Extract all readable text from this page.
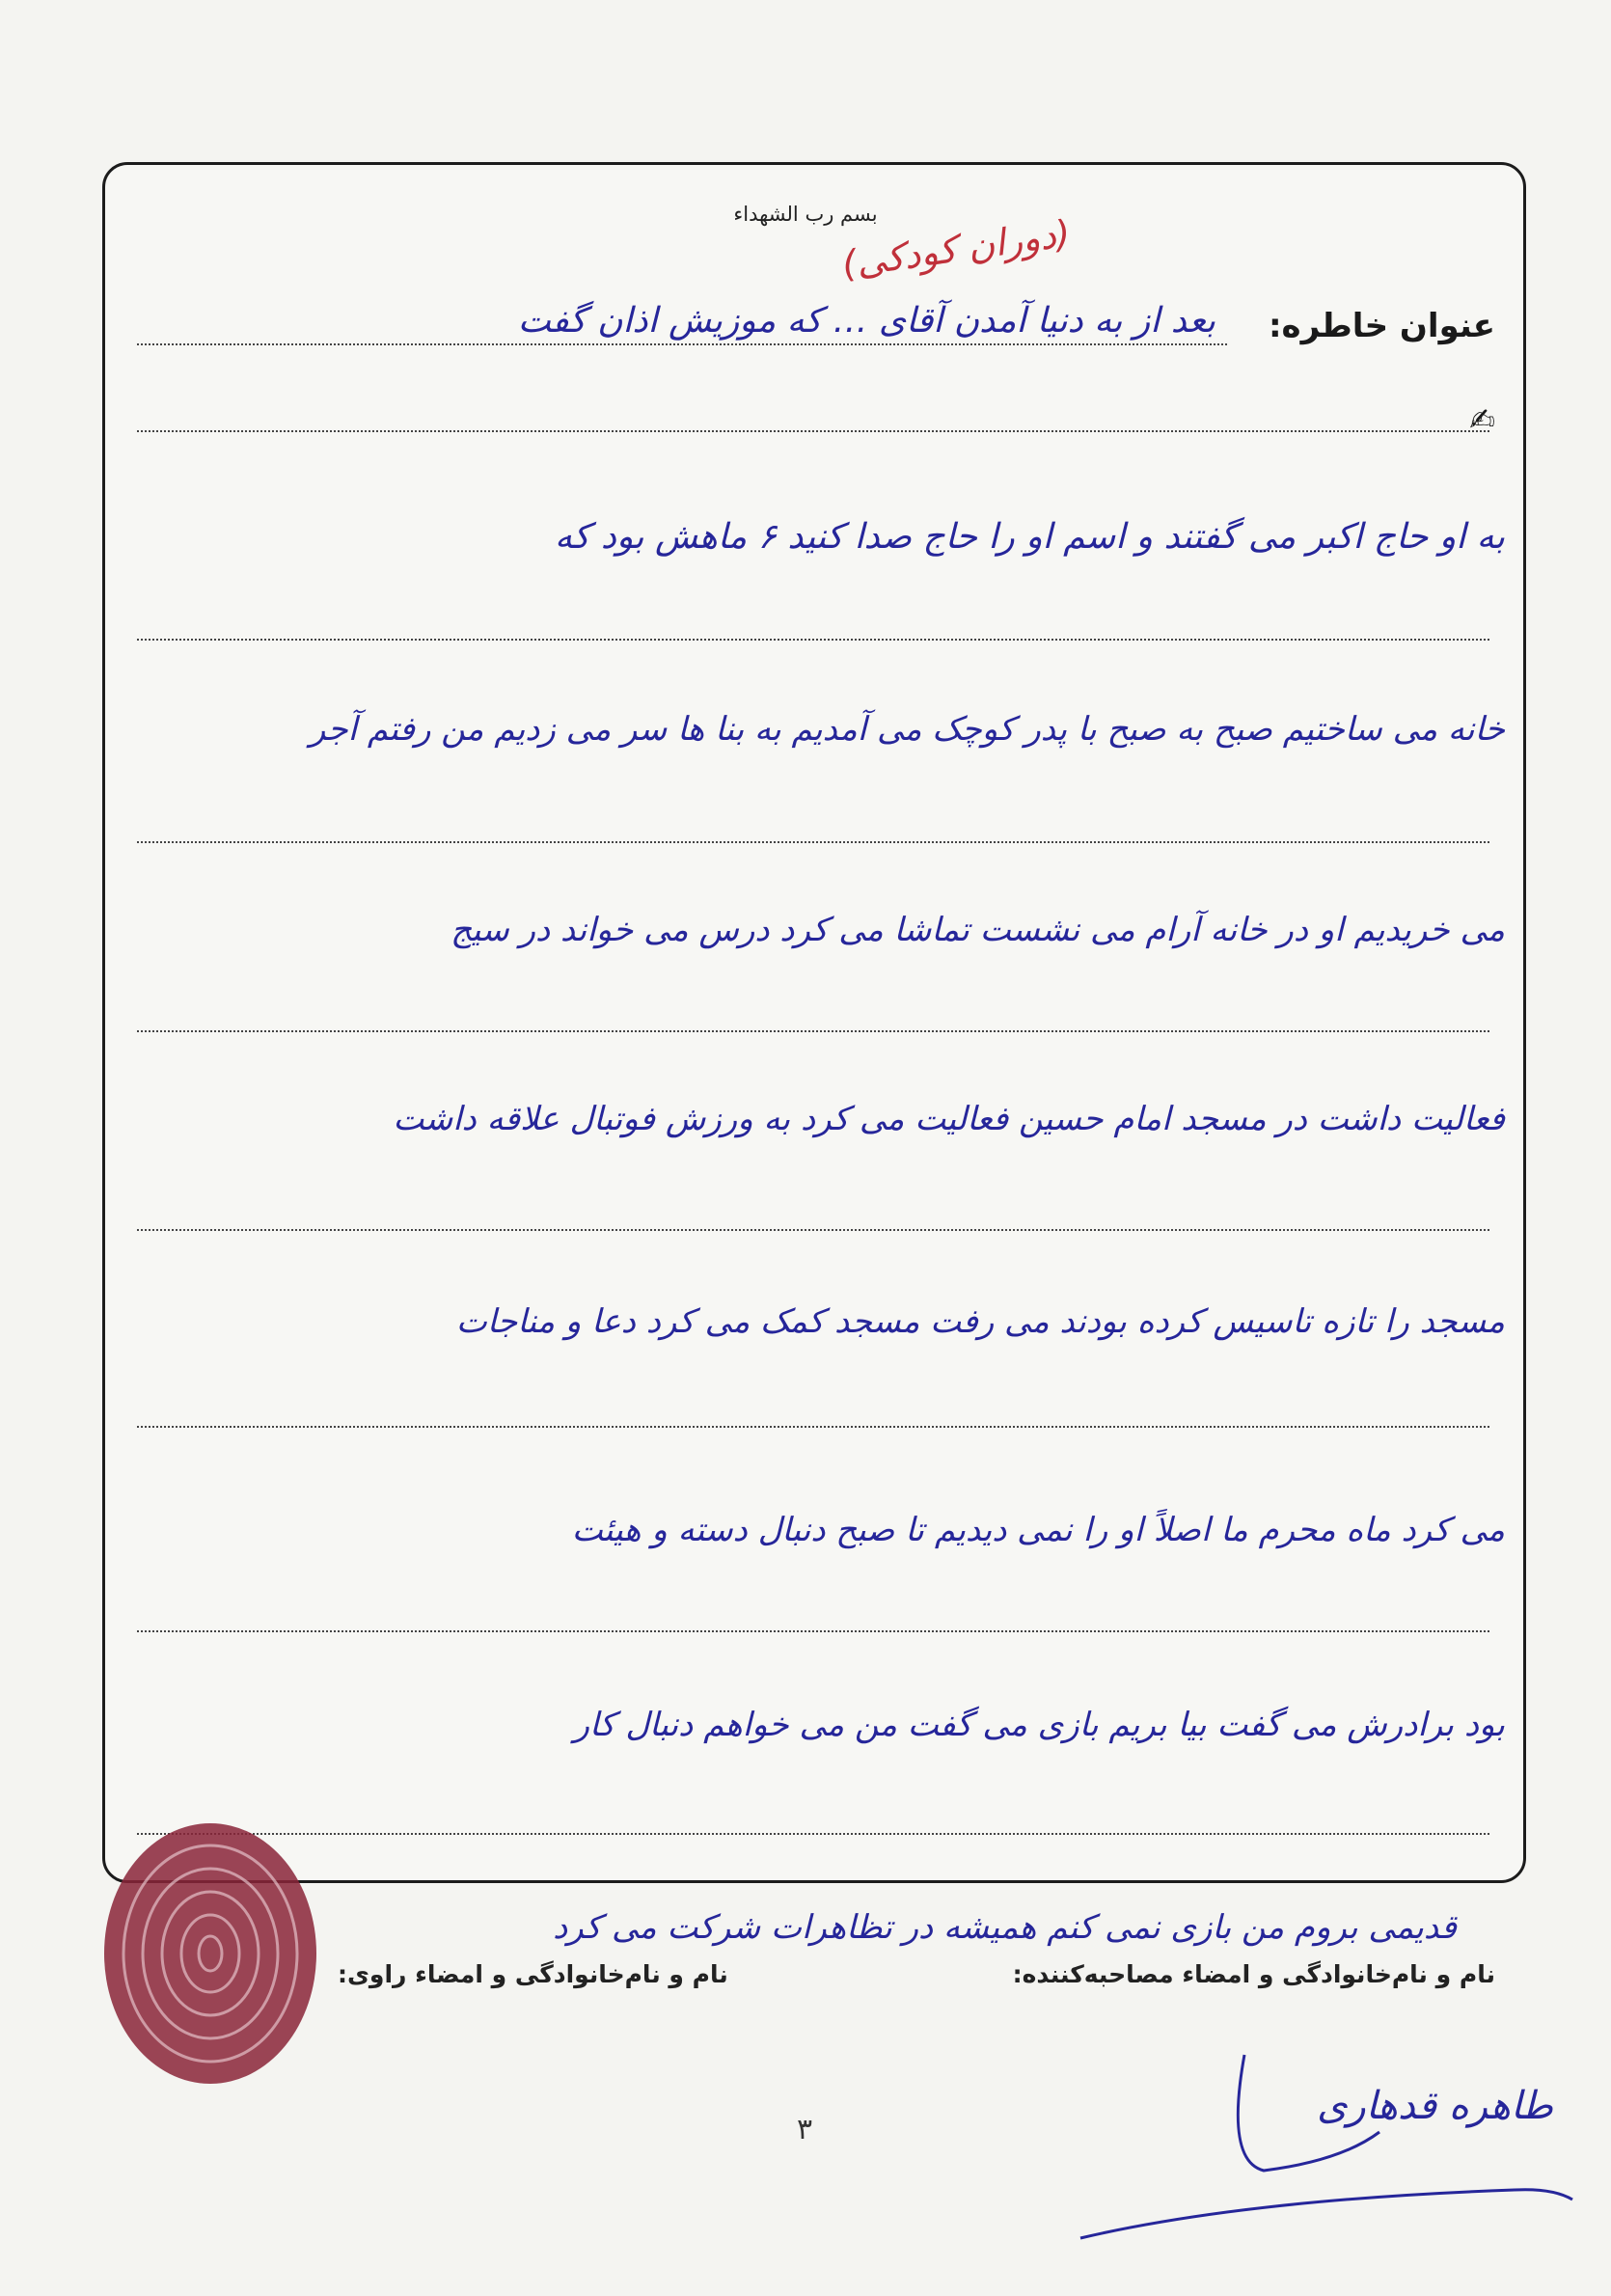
بسم رب الشهداء
(دوران کودکی)
عنوان خاطره:
بعد از به دنیا آمدن آقای … که موزیش اذان گفت
✍
به او حاج اکبر می گفتند و اسم او را حاج صدا کنید ۶ ماهش بود که
خانه می ساختیم صبح به صبح با پدر کوچک می آمدیم به بنا ها سر می زدیم من رفتم آجر
می خریدیم او در خانه آرام می نشست تماشا می کرد درس می خواند در سیج
فعالیت داشت در مسجد امام حسین فعالیت می کرد به ورزش فوتبال علاقه داشت
مسجد را تازه تاسیس کرده بودند می رفت مسجد کمک می کرد دعا و مناجات
می کرد ماه محرم ما اصلاً او را نمی دیدیم تا صبح دنبال دسته و هیئت
بود برادرش می گفت بیا بریم بازی می گفت من می خواهم دنبال کار
قدیمی بروم من بازی نمی کنم همیشه در تظاهرات شرکت می کرد
نام و نام‌خانوادگی و امضاء مصاحبه‌کننده:
نام و نام‌خانوادگی و امضاء راوی:
۳
طاهره قدهاری
